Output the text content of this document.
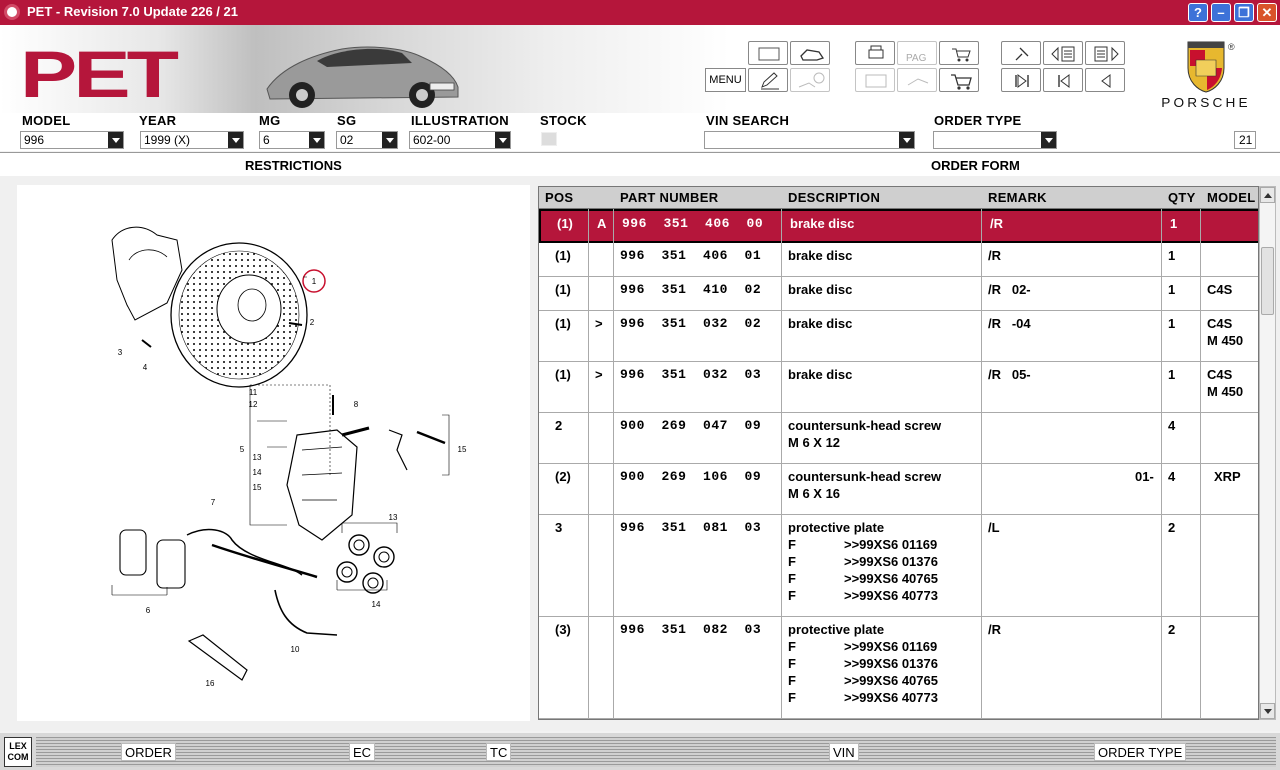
PET - Revision 7.0 Update 226 / 21	?	–	❐ ✕
PET	MENU
PAG
®
PORSCHE
MODEL	YEAR	MG	SG	ILLUSTRATION STOCK	VIN SEARCH	ORDER TYPE
996	1999 (X)	6	02	602-00	21
RESTRICTIONS	ORDER FORM
1
2
3
4
5
6
7
8
10
11
12
13
14
15
16
13
14
15
POS	PART NUMBER	DESCRIPTION	REMARK	QTY MODEL
(1) A 996  351  406  00 brake disc	/R	1
(1)	996  351  406  01 brake disc	/R	1
(1)	996  351  410  02 brake disc	/R   02-	1 C4S
(1) > 996  351  032  02 brake disc	/R   -04	1 C4S
M 450
(1) > 996  351  032  03 brake disc	/R   05-	1 C4S
M 450
2	900  269  047  09 countersunk-head screw
M 6 X 12
4
(2)	900  269  106  09 countersunk-head screw
M 6 X 16
01- 4	XRP
3	996  351  081  03 protective plate
F	>>99XS6 01169
F	>>99XS6 01376
F	>>99XS6 40765
F	>>99XS6 40773
/L	2
(3)	996  351  082  03 protective plate
F	>>99XS6 01169
F	>>99XS6 01376
F	>>99XS6 40765
F	>>99XS6 40773
/R	2
LEX
COM	ORDER	EC	TC	VIN	ORDER TYPE
